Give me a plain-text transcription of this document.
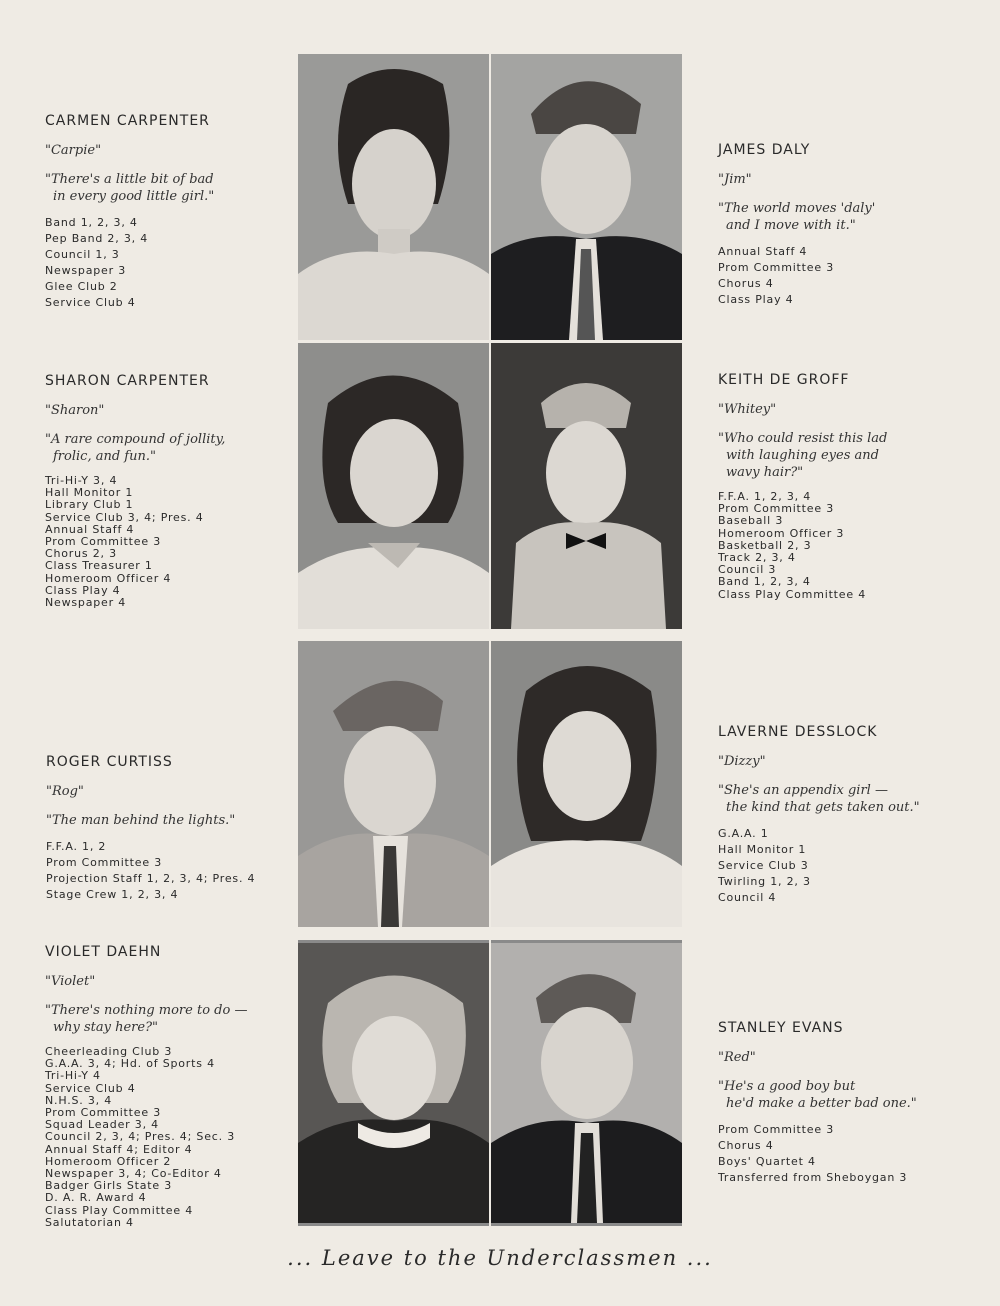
CARMEN CARPENTER
"Carpie"
"There's a little bit of bad
in every good little girl."
Band 1, 2, 3, 4
Pep Band 2, 3, 4
Council 1, 3
Newspaper 3
Glee Club 2
Service Club 4
JAMES DALY
"Jim"
"The world moves 'daly'
and I move with it."
Annual Staff 4
Prom Committee 3
Chorus 4
Class Play 4
SHARON CARPENTER
"Sharon"
"A rare compound of jollity,
frolic, and fun."
Tri-Hi-Y 3, 4
Hall Monitor 1
Library Club 1
Service Club 3, 4; Pres. 4
Annual Staff 4
Prom Committee 3
Chorus 2, 3
Class Treasurer 1
Homeroom Officer 4
Class Play 4
Newspaper 4
KEITH DE GROFF
"Whitey"
"Who could resist this lad
with laughing eyes and
wavy hair?"
F.F.A. 1, 2, 3, 4
Prom Committee 3
Baseball 3
Homeroom Officer 3
Basketball 2, 3
Track 2, 3, 4
Council 3
Band 1, 2, 3, 4
Class Play Committee 4
ROGER CURTISS
"Rog"
"The man behind the lights."
F.F.A. 1, 2
Prom Committee 3
Projection Staff 1, 2, 3, 4; Pres. 4
Stage Crew 1, 2, 3, 4
LAVERNE DESSLOCK
"Dizzy"
"She's an appendix girl —
the kind that gets taken out."
G.A.A. 1
Hall Monitor 1
Service Club 3
Twirling 1, 2, 3
Council 4
VIOLET DAEHN
"Violet"
"There's nothing more to do —
why stay here?"
Cheerleading Club 3
G.A.A. 3, 4; Hd. of Sports 4
Tri-Hi-Y 4
Service Club 4
N.H.S. 3, 4
Prom Committee 3
Squad Leader 3, 4
Council 2, 3, 4; Pres. 4; Sec. 3
Annual Staff 4; Editor 4
Homeroom Officer 2
Newspaper 3, 4; Co-Editor 4
Badger Girls State 3
D. A. R. Award 4
Class Play Committee 4
Salutatorian 4
STANLEY EVANS
"Red"
"He's a good boy but
he'd make a better bad one."
Prom Committee 3
Chorus 4
Boys' Quartet 4
Transferred from Sheboygan 3
... Leave to the Underclassmen ...
